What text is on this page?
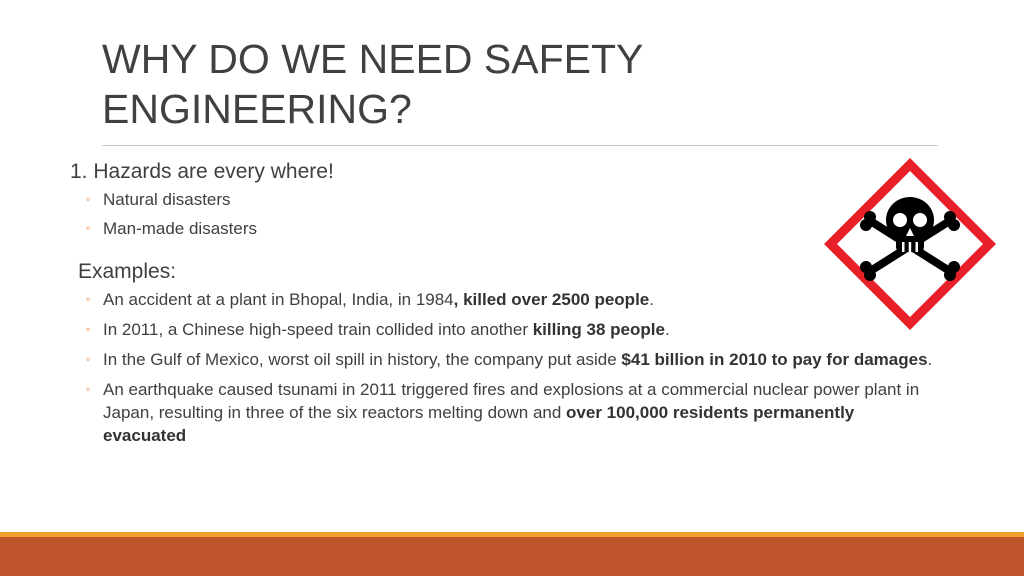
WHY DO WE NEED SAFETY
ENGINEERING?
1. Hazards are every where!
◦ Natural disasters
◦ Man-made disasters
Examples:
◦ An accident at a plant in Bhopal, India, in 1984, killed over 2500 people.
◦ In 2011, a Chinese high-speed train collided into another killing 38 people.
◦ In the Gulf of Mexico, worst oil spill in history, the company put aside $41 billion in 2010 to pay for damages.
◦ An earthquake caused tsunami in 2011 triggered fires and explosions at a commercial nuclear power plant in Japan, resulting in three of the six reactors melting down and over 100,000 residents permanently evacuated
